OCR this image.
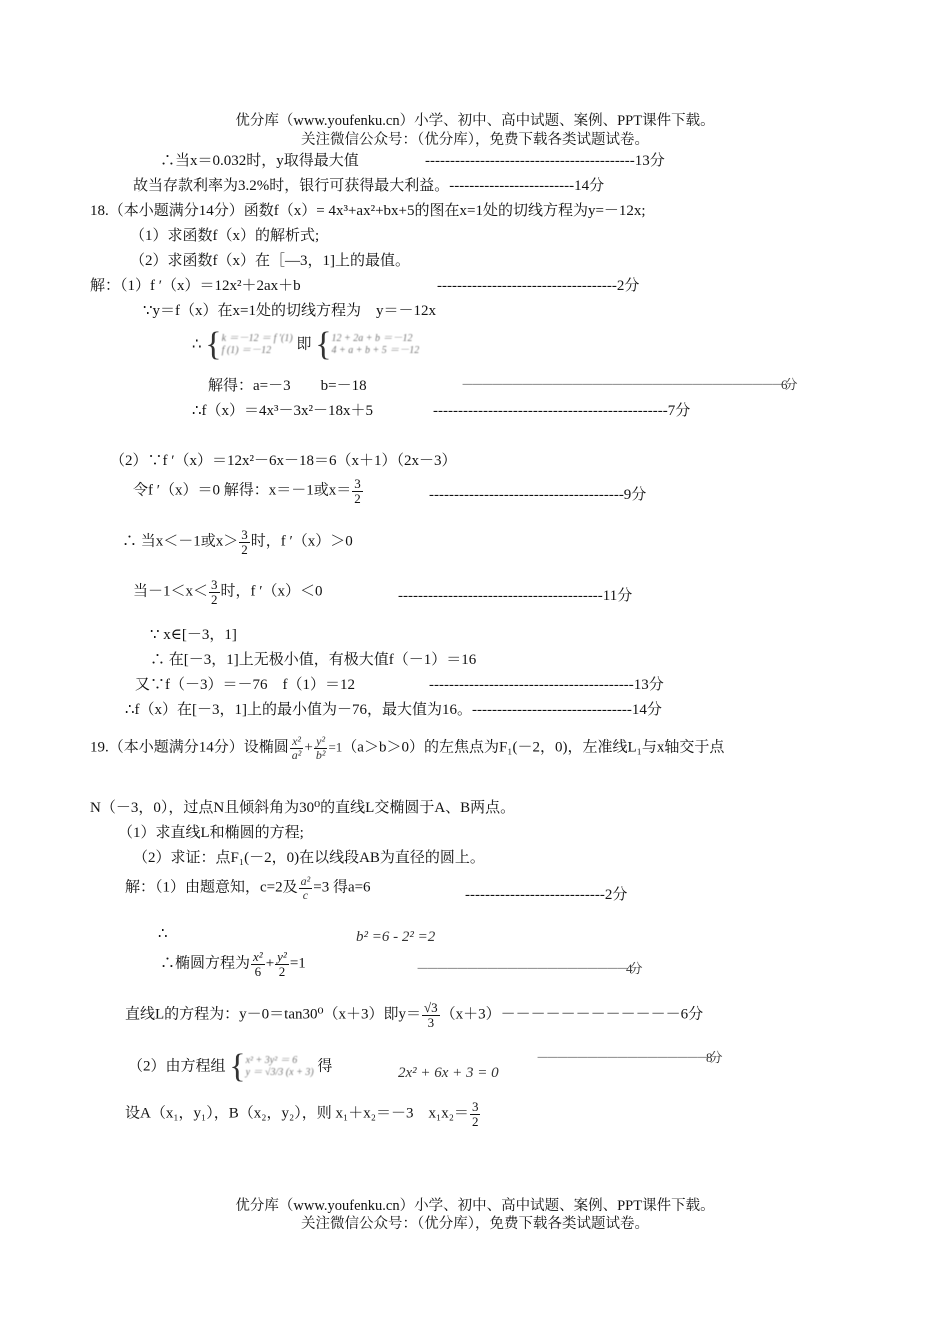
优分库（www.youfenku.cn）小学、初中、高中试题、案例、PPT课件下载。
关注微信公众号：（优分库），免费下载各类试题试卷。
∴当x＝0.032时，y取得最大值	------------------------------------------13分
故当存款利率为3.2%时，银行可获得最大利益。-------------------------14分
18.（本小题满分14分）函数f（x）= 4x³+ax²+bx+5的图在x=1处的切线方程为y=－12x;
（1）求函数f（x）的解析式;
（2）求函数f（x）在［—3，1]上的最值。
解：（1）f ′（x）＝12x²＋2ax＋b	------------------------------------2分
∵y＝f（x）在x=1处的切线方程为　y＝－12x
∴ { k ＝－12 ＝ f ′(1)
f (1) ＝－12	即 { 12 + 2a + b ＝－12
4 + a + b + 5 ＝－12
解得：a=－3　　b=－18	－－－－－－－－－－－－－－－－－－－－－－－－－－－－－－－－6分
∴f（x）＝4x³－3x²－18x＋5	-----------------------------------------------7分
（2）∵f ′（x）＝12x²－6x－18＝6（x＋1）（2x－3）
令f ′（x）＝0 解得：x＝－1或$x= \frac{3}{2}$	---------------------------------------9分
∴ 当x＜－1或$x> \frac{3}{2}$ 时，f ′（x）＞0
当$-1<x< \frac{3}{2}$ 时，f ′（x）＜0	-----------------------------------------11分
∵ x∈[－3，1]
∴ 在[－3，1]上无极小值，有极大值f（－1）＝16
又∵f（－3）＝－76　f（1）＝12	-----------------------------------------13分
∴f（x）在[－3，1]上的最小值为－76，最大值为16。--------------------------------14分
19.（本小题满分14分）设椭圆 $\frac{\text{x²}}{\text{a²}} + \frac{\text{y²}}{\text{b²}} =1(a>b>0)$的左焦点为F₁(－2，0)，左准线L₁与x轴交于点
N（－3，0），过点N且倾斜角为30⁰的直线L交椭圆于A、B两点。
（1）求直线L和椭圆的方程;
（2）求证：点F₁(－2，0)在以线段AB为直径的圆上。
解：（1）由题意知，c=2及 $\frac{\text{a²}}{c} =3$ 得a=6	----------------------------2分
∴	b² =6 - 2² =2
∴椭圆方程为 $\frac{\text{x²}}{6} + \frac{\text{y²}}{2} =1$	－－－－－－－－－－－－－－－－－－－－－4分
直线L的方程为：y－0＝tan30⁰（x＋3）即$y= \frac{√3}{3} (x+3)------------6$分
（2）由方程组 { x² + 3y² ＝ 6
y ＝ √3/3 (x + 3) 得	2x² + 6x + 3 = 0
－－－－－－－－－－－－－－－－－8分
设A（x₁，y₁），B（x₂，y₂），则 x₁＋x₂＝－3　$x_1x_2= \frac{3}{2}$
优分库（www.youfenku.cn）小学、初中、高中试题、案例、PPT课件下载。
关注微信公众号：（优分库），免费下载各类试题试卷。
